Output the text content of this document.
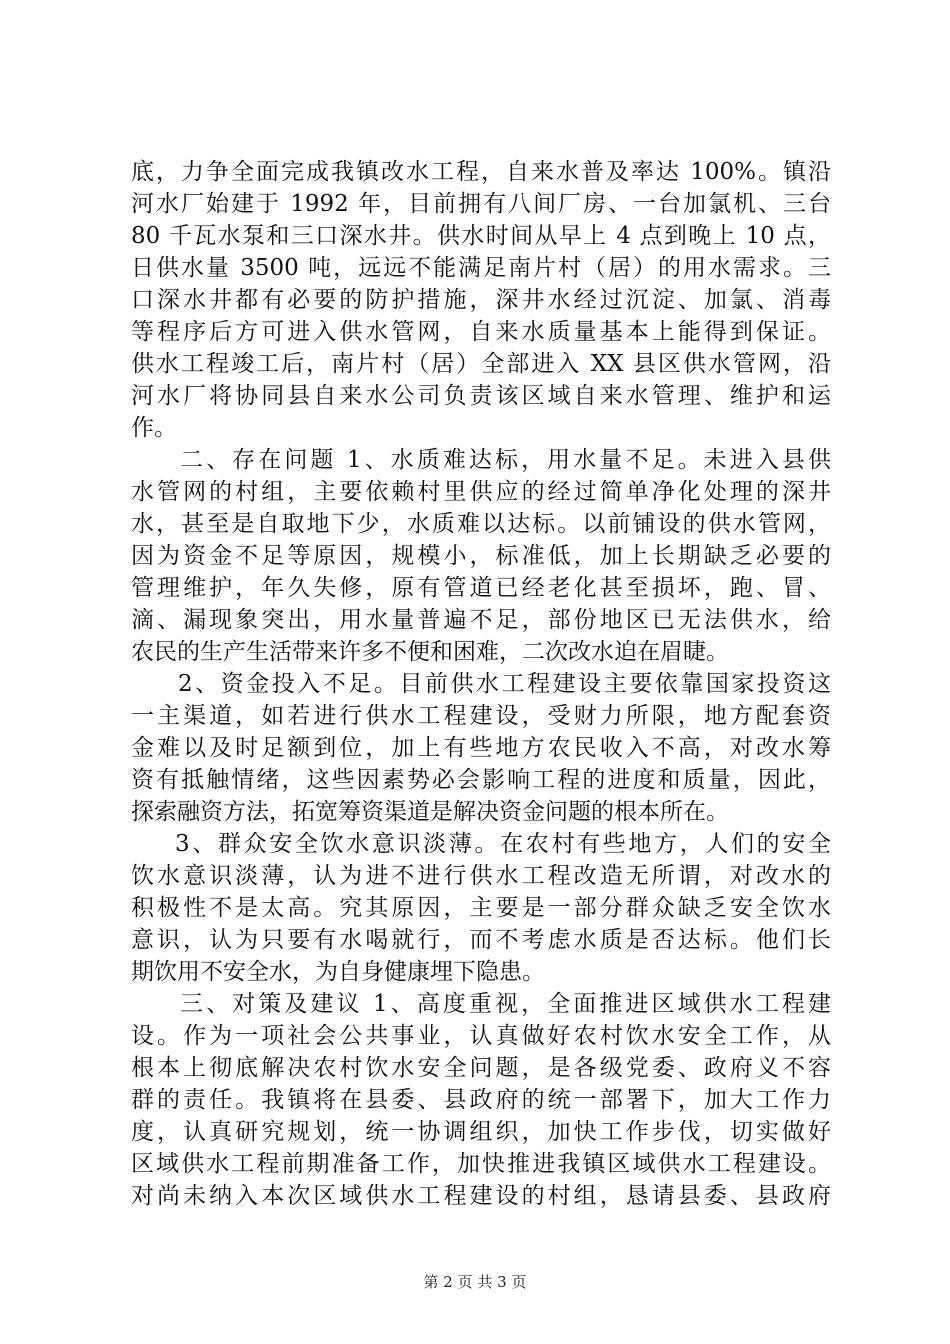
底，力争全面完成我镇改水工程，自来水普及率达 100%。镇沿
河水厂始建于 1992 年，目前拥有八间厂房、一台加氯机、三台
80 千瓦水泵和三口深水井。供水时间从早上 4 点到晚上 10 点，
日供水量 3500 吨，远远不能满足南片村（居）的用水需求。三
口深水井都有必要的防护措施，深井水经过沉淀、加氯、消毒
等程序后方可进入供水管网，自来水质量基本上能得到保证。
供水工程竣工后，南片村（居）全部进入 XX 县区供水管网，沿
河水厂将协同县自来水公司负责该区域自来水管理、维护和运
作。
二、存在问题 1、水质难达标，用水量不足。未进入县供
水管网的村组，主要依赖村里供应的经过简单净化处理的深井
水，甚至是自取地下少，水质难以达标。以前铺设的供水管网，
因为资金不足等原因，规模小，标准低，加上长期缺乏必要的
管理维护，年久失修，原有管道已经老化甚至损坏，跑、冒、
滴、漏现象突出，用水量普遍不足，部份地区已无法供水，给
农民的生产生活带来许多不便和困难，二次改水迫在眉睫。
2、资金投入不足。目前供水工程建设主要依靠国家投资这
一主渠道，如若进行供水工程建设，受财力所限，地方配套资
金难以及时足额到位，加上有些地方农民收入不高，对改水筹
资有抵触情绪，这些因素势必会影响工程的进度和质量，因此，
探索融资方法，拓宽筹资渠道是解决资金问题的根本所在。
3、群众安全饮水意识淡薄。在农村有些地方，人们的安全
饮水意识淡薄，认为进不进行供水工程改造无所谓，对改水的
积极性不是太高。究其原因，主要是一部分群众缺乏安全饮水
意识，认为只要有水喝就行，而不考虑水质是否达标。他们长
期饮用不安全水，为自身健康埋下隐患。
三、对策及建议 1、高度重视，全面推进区域供水工程建
设。作为一项社会公共事业，认真做好农村饮水安全工作，从
根本上彻底解决农村饮水安全问题，是各级党委、政府义不容
群的责任。我镇将在县委、县政府的统一部署下，加大工作力
度，认真研究规划，统一协调组织，加快工作步伐，切实做好
区域供水工程前期准备工作，加快推进我镇区域供水工程建设。
对尚未纳入本次区域供水工程建设的村组，恳请县委、县政府
第 2 页 共 3 页
